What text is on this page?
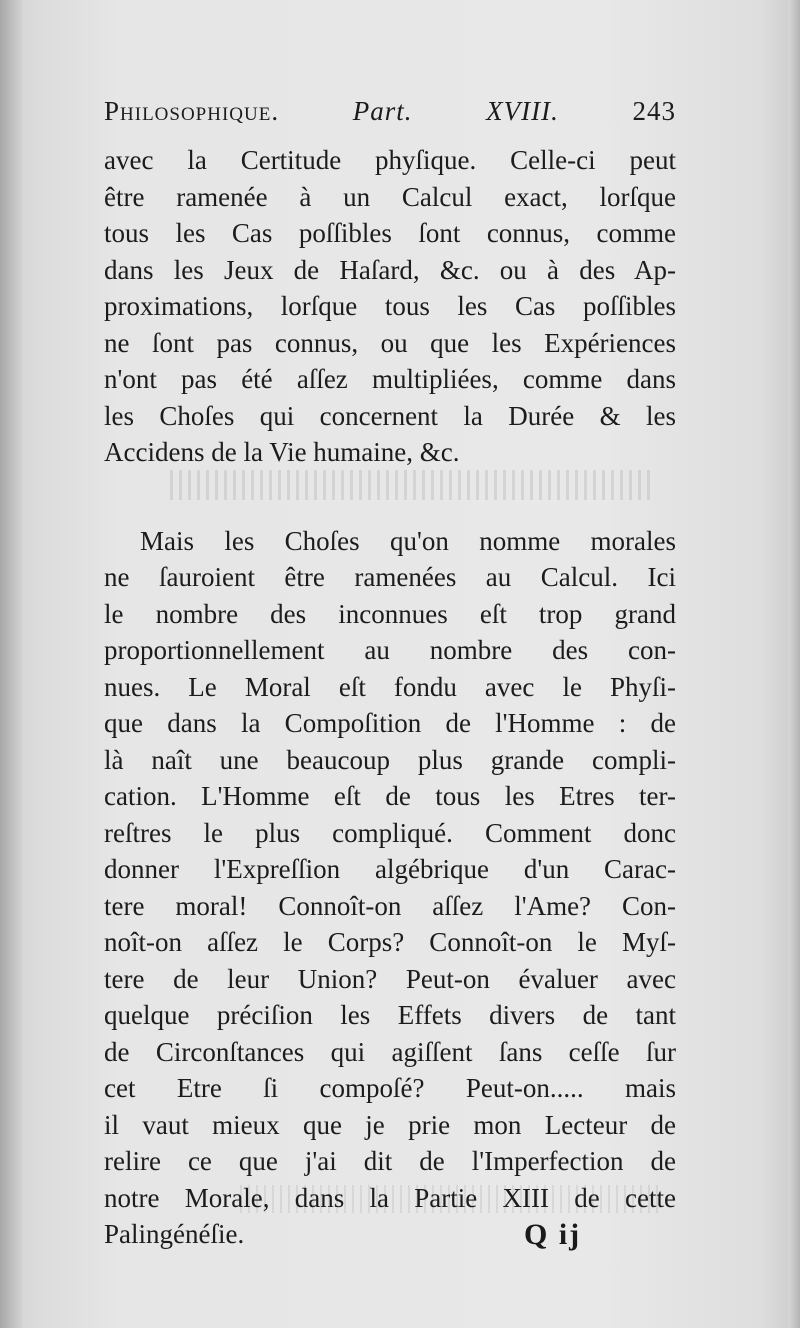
Philosophique.	Part.	XVIII.	243
avec la Certitude phyſique. Celle-ci peut
être ramenée à un Calcul exact, lorſque
tous les Cas poſſibles ſont connus, comme
dans les Jeux de Haſard, &c. ou à des Ap-
proximations, lorſque tous les Cas poſſibles
ne ſont pas connus, ou que les Expériences
n'ont pas été aſſez multipliées, comme dans
les Choſes qui concernent la Durée & les
Accidens de la Vie humaine, &c.
Mais les Choſes qu'on nomme morales
ne ſauroient être ramenées au Calcul. Ici
le nombre des inconnues eſt trop grand
proportionnellement au nombre des con-
nues. Le Moral eſt fondu avec le Phyſi-
que dans la Compoſition de l'Homme : de
là naît une beaucoup plus grande compli-
cation. L'Homme eſt de tous les Etres ter-
reſtres le plus compliqué. Comment donc
donner l'Expreſſion algébrique d'un Carac-
tere moral! Connoît-on aſſez l'Ame? Con-
noît-on aſſez le Corps? Connoît-on le Myſ-
tere de leur Union? Peut-on évaluer avec
quelque préciſion les Effets divers de tant
de Circonſtances qui agiſſent ſans ceſſe ſur
cet Etre ſi compoſé? Peut-on..... mais
il vaut mieux que je prie mon Lecteur de
relire ce que j'ai dit de l'Imperfection de
notre Morale, dans la Partie XIII de cette
Palingénéſie.	Q ij
